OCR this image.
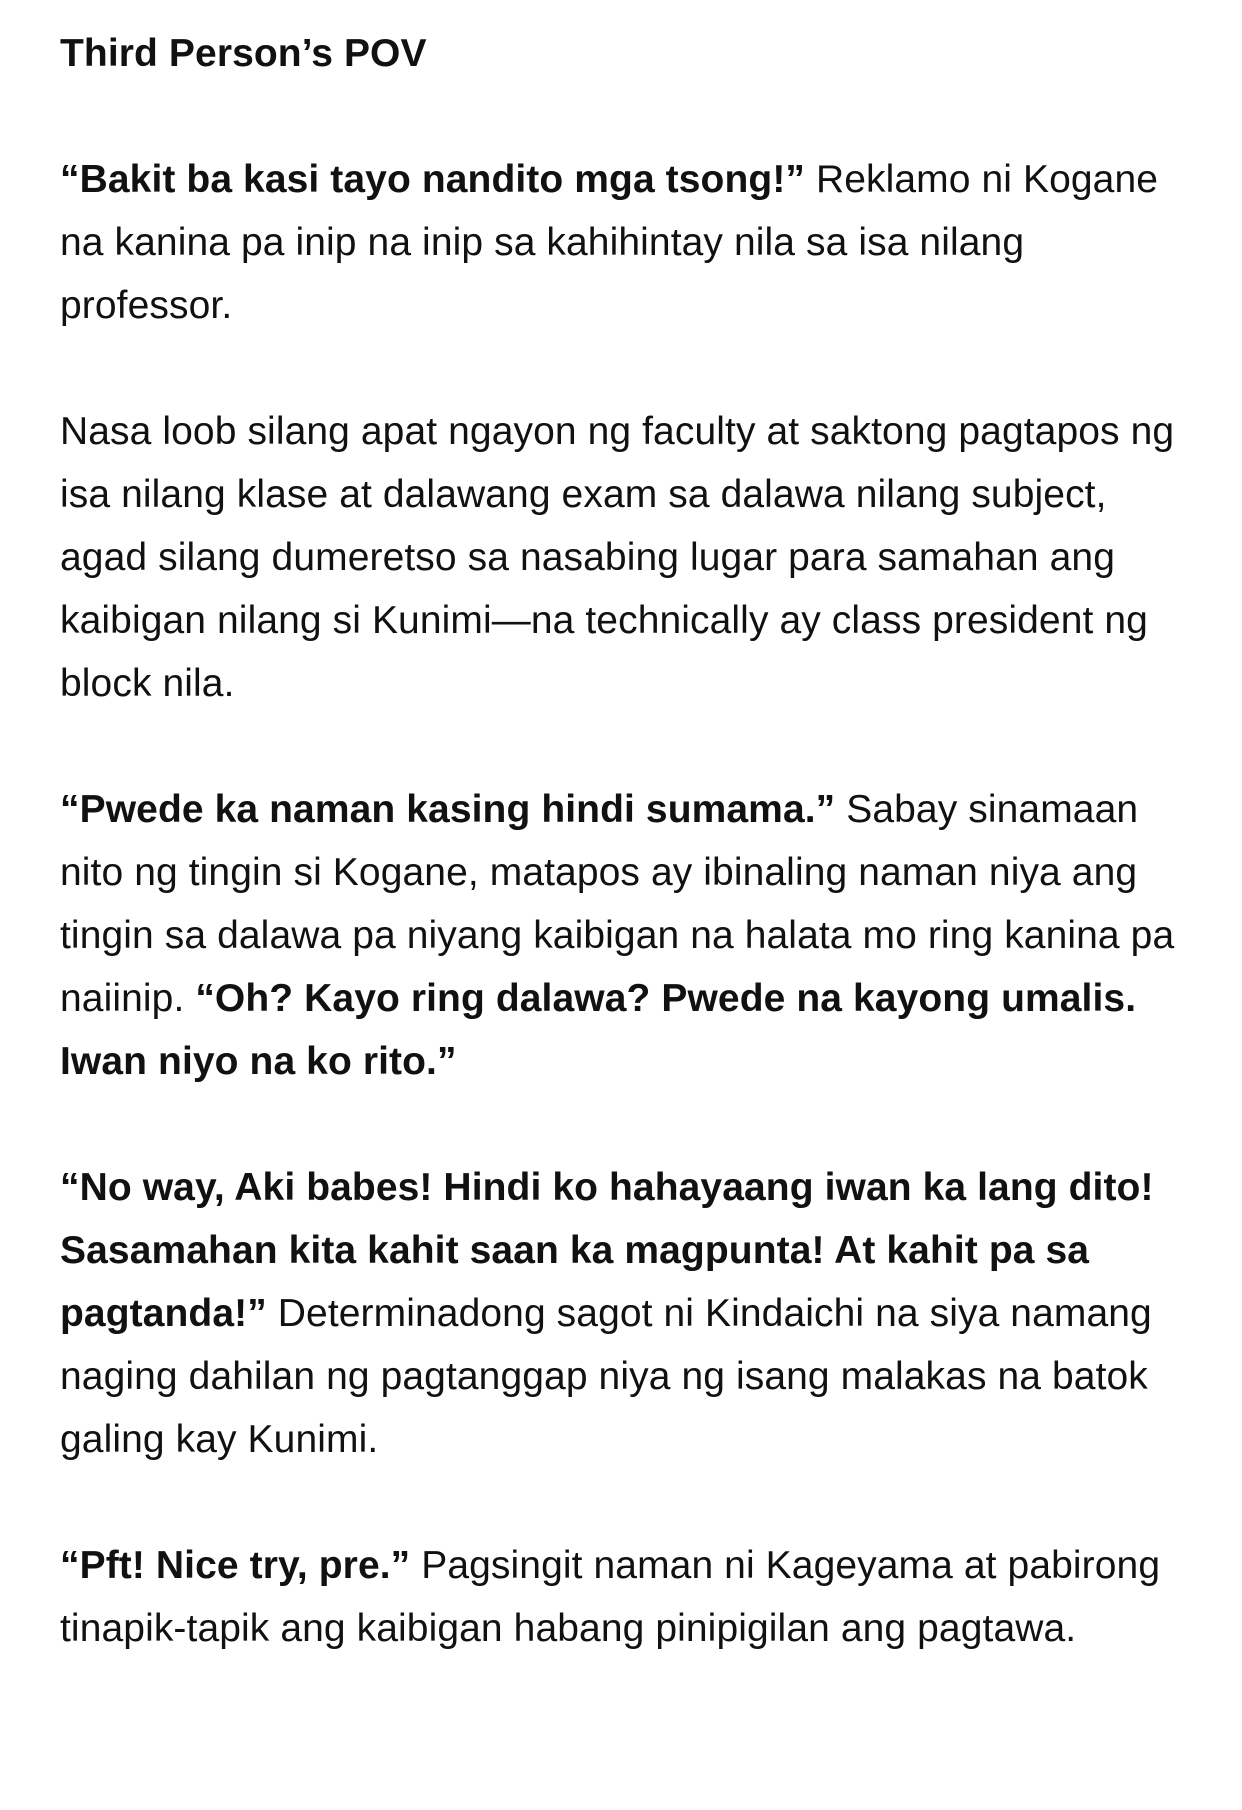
Third Person’s POV

“Bakit ba kasi tayo nandito mga tsong!” Reklamo ni Kogane na kanina pa inip na inip sa kahihintay nila sa isa nilang professor.

Nasa loob silang apat ngayon ng faculty at saktong pagtapos ng isa nilang klase at dalawang exam sa dalawa nilang subject, agad silang dumeretso sa nasabing lugar para samahan ang kaibigan nilang si Kunimi—na technically ay class president ng block nila.

“Pwede ka naman kasing hindi sumama.” Sabay sinamaan nito ng tingin si Kogane, matapos ay ibinaling naman niya ang tingin sa dalawa pa niyang kaibigan na halata mo ring kanina pa naiinip. “Oh? Kayo ring dalawa? Pwede na kayong umalis. Iwan niyo na ko rito.”

“No way, Aki babes! Hindi ko hahayaang iwan ka lang dito! Sasamahan kita kahit saan ka magpunta! At kahit pa sa pagtanda!” Determinadong sagot ni Kindaichi na siya namang naging dahilan ng pagtanggap niya ng isang malakas na batok galing kay Kunimi.

“Pft! Nice try, pre.” Pagsingit naman ni Kageyama at pabirong tinapik-tapik ang kaibigan habang pinipigilan ang pagtawa.
